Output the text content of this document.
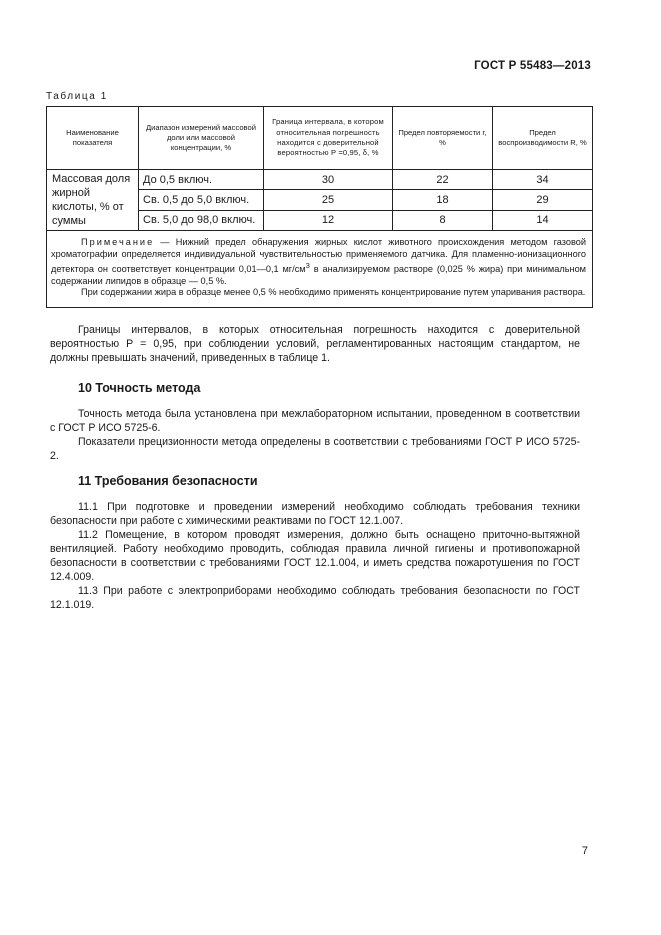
ГОСТ Р 55483—2013
Таблица 1
Наименование показателя	Диапазон измерений массовой доли или массовой концентрации, %	Граница интервала, в котором относительная погрешность находится с доверительной вероятностью P =0,95, δ, %	Предел повторяемости r, %	Предел воспроизводимости R, %
Массовая доля жирной кислоты, % от суммы	До 0,5 включ.	30	22	34
	Св. 0,5 до 5,0 включ.	25	18	29
	Св. 5,0 до 98,0 включ.	12	8	14

Примечание — Нижний предел обнаружения жирных кислот животного происхождения методом газовой хроматографии определяется индивидуальной чувствительностью применяемого датчика. Для пламенно-ионизационного детектора он соответствует концентрации 0,01—0,1 $мг/см^3$ в анализируемом растворе (0,025 % жира) при минимальном содержании липидов в образце — 0,5 %.

При содержании жира в образце менее 0,5 % необходимо применять концентрирование путем упаривания раствора.				

Границы интервалов, в которых относительная погрешность находится с доверительной вероятностью P = 0,95, при соблюдении условий, регламентированных настоящим стандартом, не должны превышать значений, приведенных в таблице 1.

10 Точность метода

Точность метода была установлена при межлабораторном испытании, проведенном в соответствии с ГОСТ Р ИСО 5725-6.

Показатели прецизионности метода определены в соответствии с требованиями ГОСТ Р ИСО 5725-2.

11 Требования безопасности

11.1 При подготовке и проведении измерений необходимо соблюдать требования техники безопасности при работе с химическими реактивами по ГОСТ 12.1.007.

11.2 Помещение, в котором проводят измерения, должно быть оснащено приточно-вытяжной вентиляцией. Работу необходимо проводить, соблюдая правила личной гигиены и противопожарной безопасности в соответствии с требованиями ГОСТ 12.1.004, и иметь средства пожаротушения по ГОСТ 12.4.009.

11.3 При работе с электроприборами необходимо соблюдать требования безопасности по ГОСТ 12.1.019.

7
